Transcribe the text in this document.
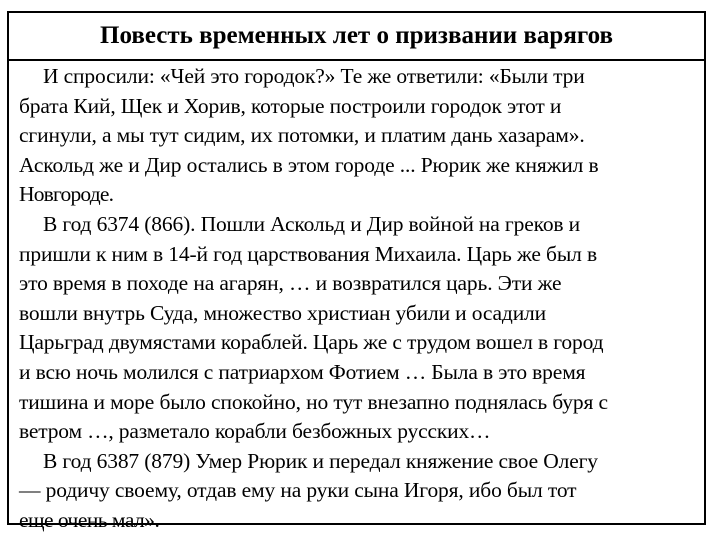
Повесть временных лет о призвании варягов
И спросили: «Чей это городок?» Те же ответили: «Были три
брата Кий, Щек и Хорив, которые построили городок этот и
сгинули, а мы тут сидим, их потомки, и платим дань хазарам».
Аскольд же и Дир остались в этом городе ... Рюрик же княжил в
Новгороде.
В год 6374 (866). Пошли Аскольд и Дир войной на греков и
пришли к ним в 14-й год царствования Михаила. Царь же был в
это время в походе на агарян, … и возвратился царь. Эти же
вошли внутрь Суда, множество христиан убили и осадили
Царьград двумястами кораблей. Царь же с трудом вошел в город
и всю ночь молился с патриархом Фотием … Была в это время
тишина и море было спокойно, но тут внезапно поднялась буря с
ветром …, разметало корабли безбожных русских…
В год 6387 (879) Умер Рюрик и передал княжение свое Олегу
— родичу своему, отдав ему на руки сына Игоря, ибо был тот
еще очень мал».
